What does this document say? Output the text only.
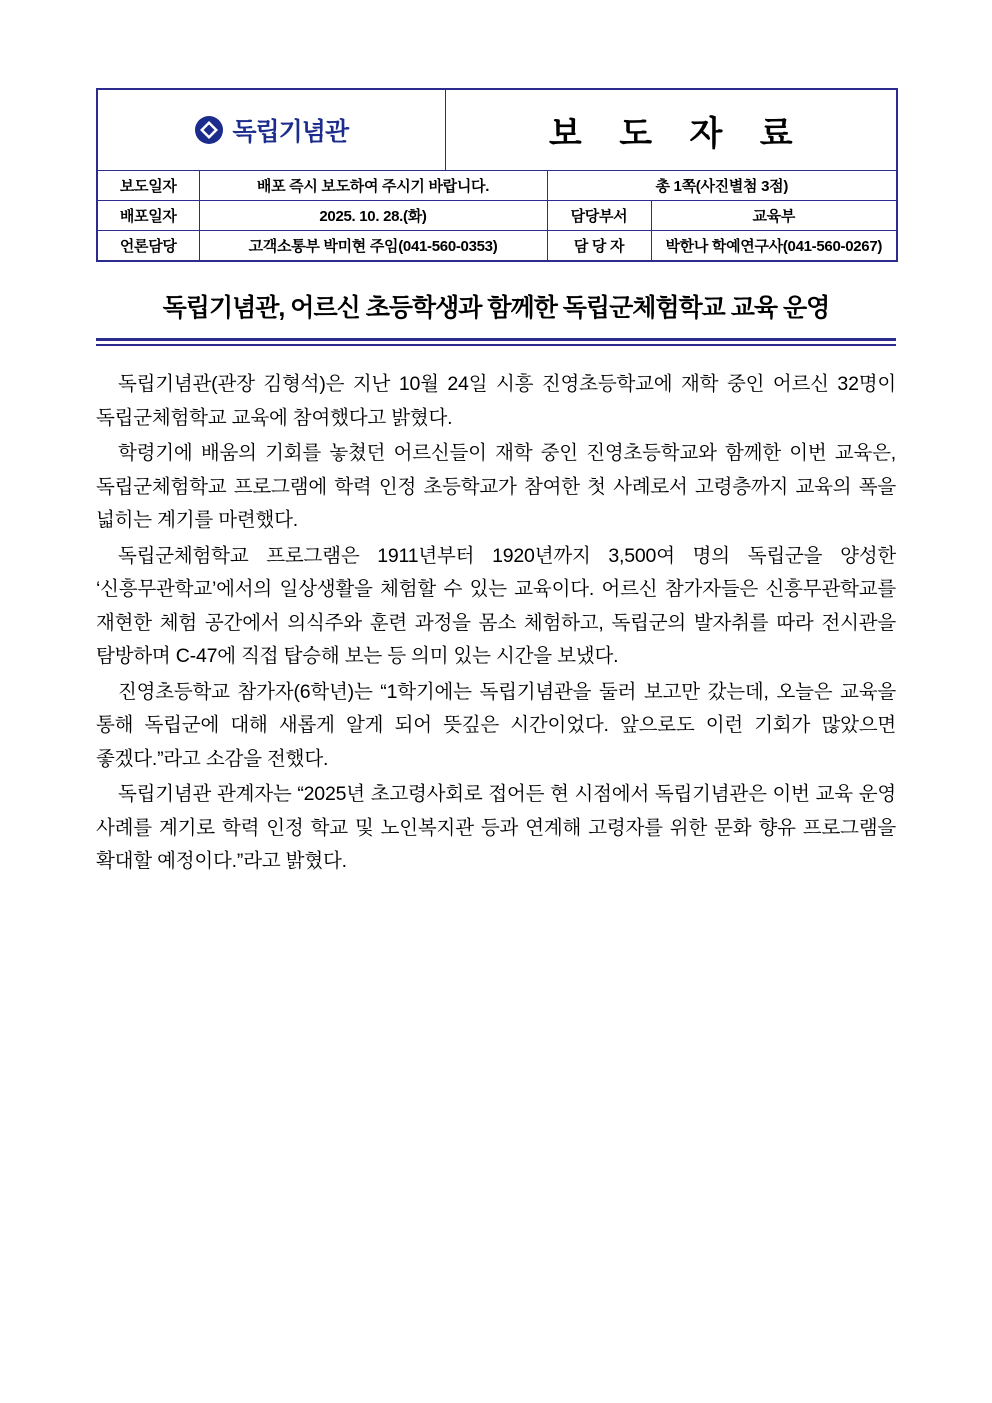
독립기념관		보 도 자 료		
보도일자	배포 즉시 보도하여 주시기 바랍니다.		총 1쪽(사진별첨 3점)	
배포일자	2025. 10. 28.(화)		담당부서	교육부
언론담당	고객소통부 박미현 주임(041-560-0353)		담 당 자	박한나 학예연구사(041-560-0267)
독립기념관, 어르신 초등학생과 함께한 독립군체험학교 교육 운영

독립기념관(관장 김형석)은 지난 10월 24일 시흥 진영초등학교에 재학 중인 어르신 32명이 독립군체험학교 교육에 참여했다고 밝혔다.

학령기에 배움의 기회를 놓쳤던 어르신들이 재학 중인 진영초등학교와 함께한 이번 교육은, 독립군체험학교 프로그램에 학력 인정 초등학교가 참여한 첫 사례로서 고령층까지 교육의 폭을 넓히는 계기를 마련했다.

독립군체험학교 프로그램은 1911년부터 1920년까지 3,500여 명의 독립군을 양성한 ‘신흥무관학교’에서의 일상생활을 체험할 수 있는 교육이다. 어르신 참가자들은 신흥무관학교를 재현한 체험 공간에서 의식주와 훈련 과정을 몸소 체험하고, 독립군의 발자취를 따라 전시관을 탐방하며 C-47에 직접 탑승해 보는 등 의미 있는 시간을 보냈다.

진영초등학교 참가자(6학년)는 “1학기에는 독립기념관을 둘러 보고만 갔는데, 오늘은 교육을 통해 독립군에 대해 새롭게 알게 되어 뜻깊은 시간이었다. 앞으로도 이런 기회가 많았으면 좋겠다.”라고 소감을 전했다.

독립기념관 관계자는 “2025년 초고령사회로 접어든 현 시점에서 독립기념관은 이번 교육 운영 사례를 계기로 학력 인정 학교 및 노인복지관 등과 연계해 고령자를 위한 문화 향유 프로그램을 확대할 예정이다.”라고 밝혔다.
